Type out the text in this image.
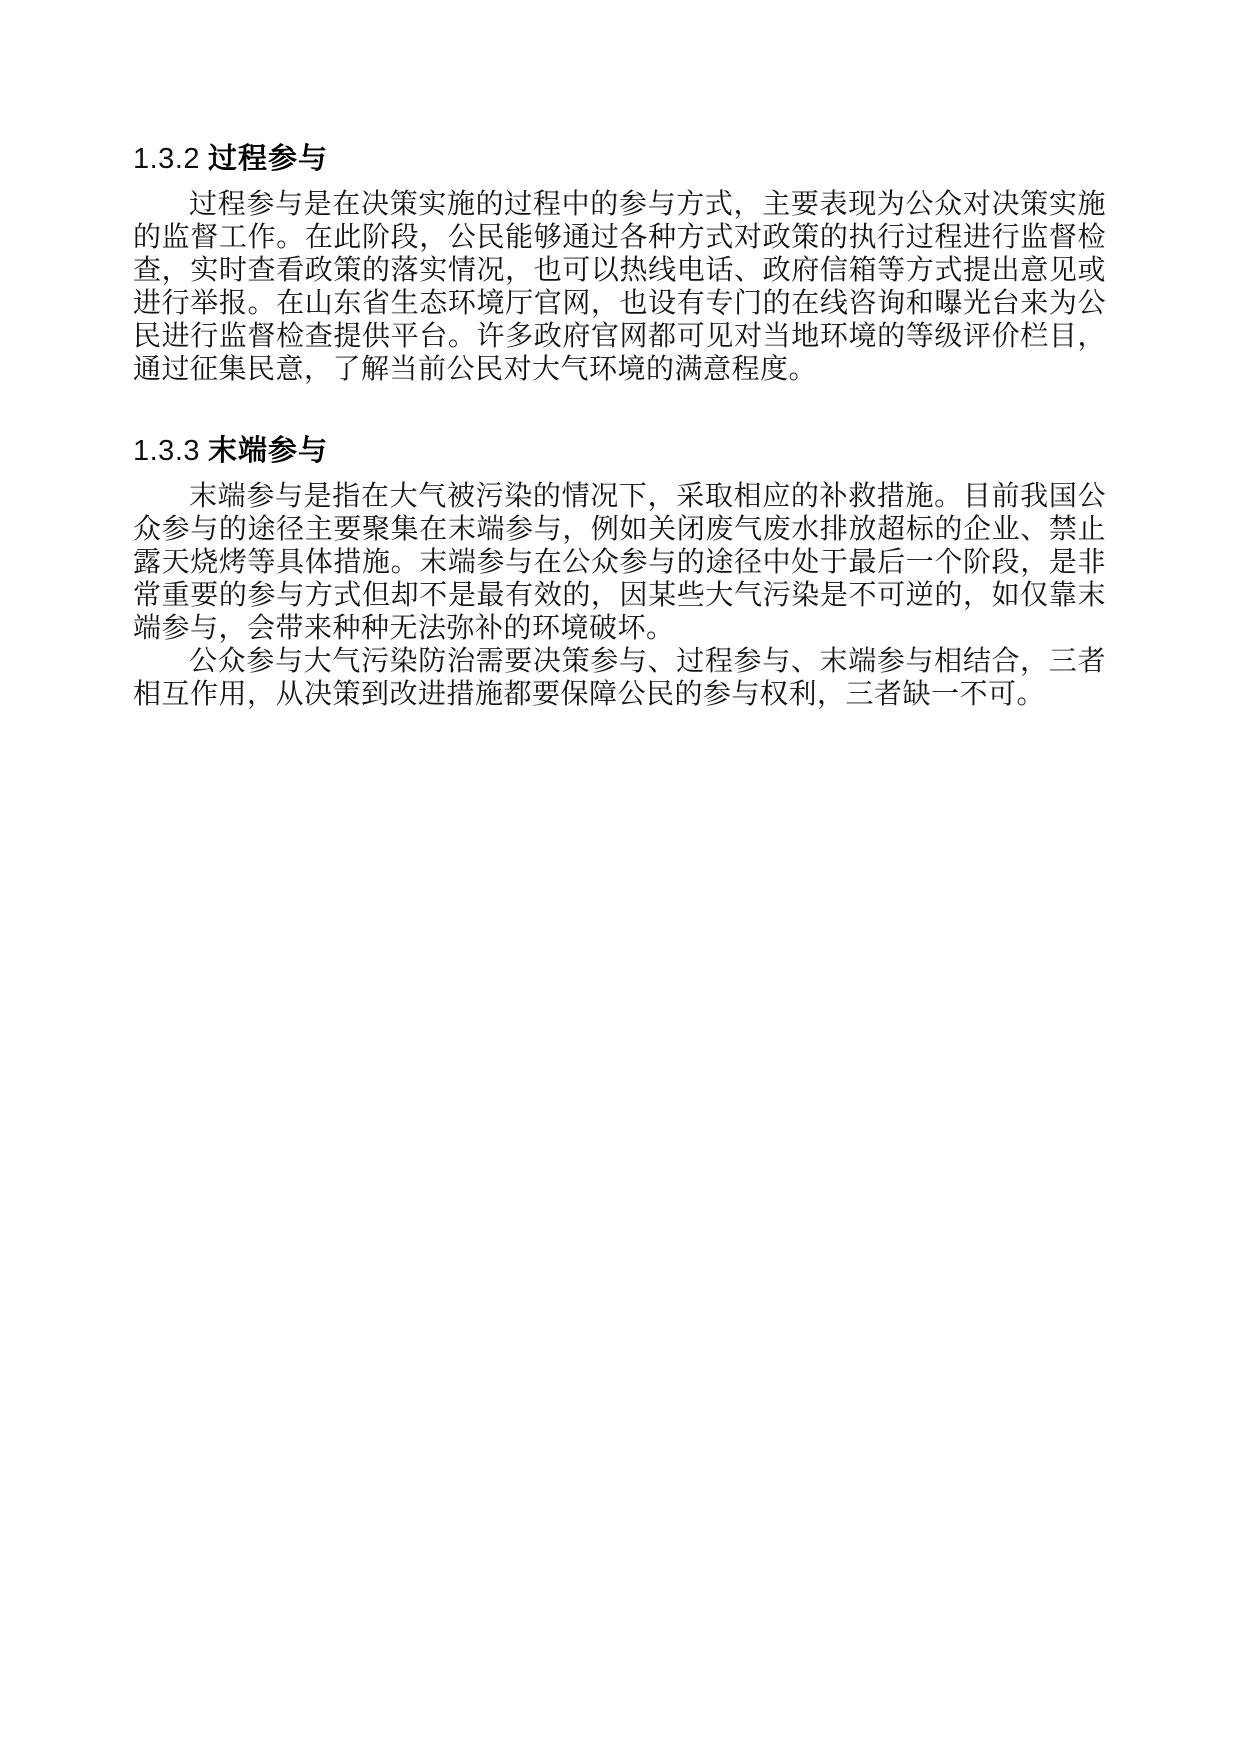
1.3.2 过程参与

过程参与是在决策实施的过程中的参与方式，主要表现为公众对决策实施的监督工作。在此阶段，公民能够通过各种方式对政策的执行过程进行监督检查，实时查看政策的落实情况，也可以热线电话、政府信箱等方式提出意见或进行举报。在山东省生态环境厅官网，也设有专门的在线咨询和曝光台来为公民进行监督检查提供平台。许多政府官网都可见对当地环境的等级评价栏目，通过征集民意，了解当前公民对大气环境的满意程度。

1.3.3 末端参与

末端参与是指在大气被污染的情况下，采取相应的补救措施。目前我国公众参与的途径主要聚集在末端参与，例如关闭废气废水排放超标的企业、禁止露天烧烤等具体措施。末端参与在公众参与的途径中处于最后一个阶段，是非常重要的参与方式但却不是最有效的，因某些大气污染是不可逆的，如仅靠末端参与，会带来种种无法弥补的环境破坏。

公众参与大气污染防治需要决策参与、过程参与、末端参与相结合，三者相互作用，从决策到改进措施都要保障公民的参与权利，三者缺一不可。
